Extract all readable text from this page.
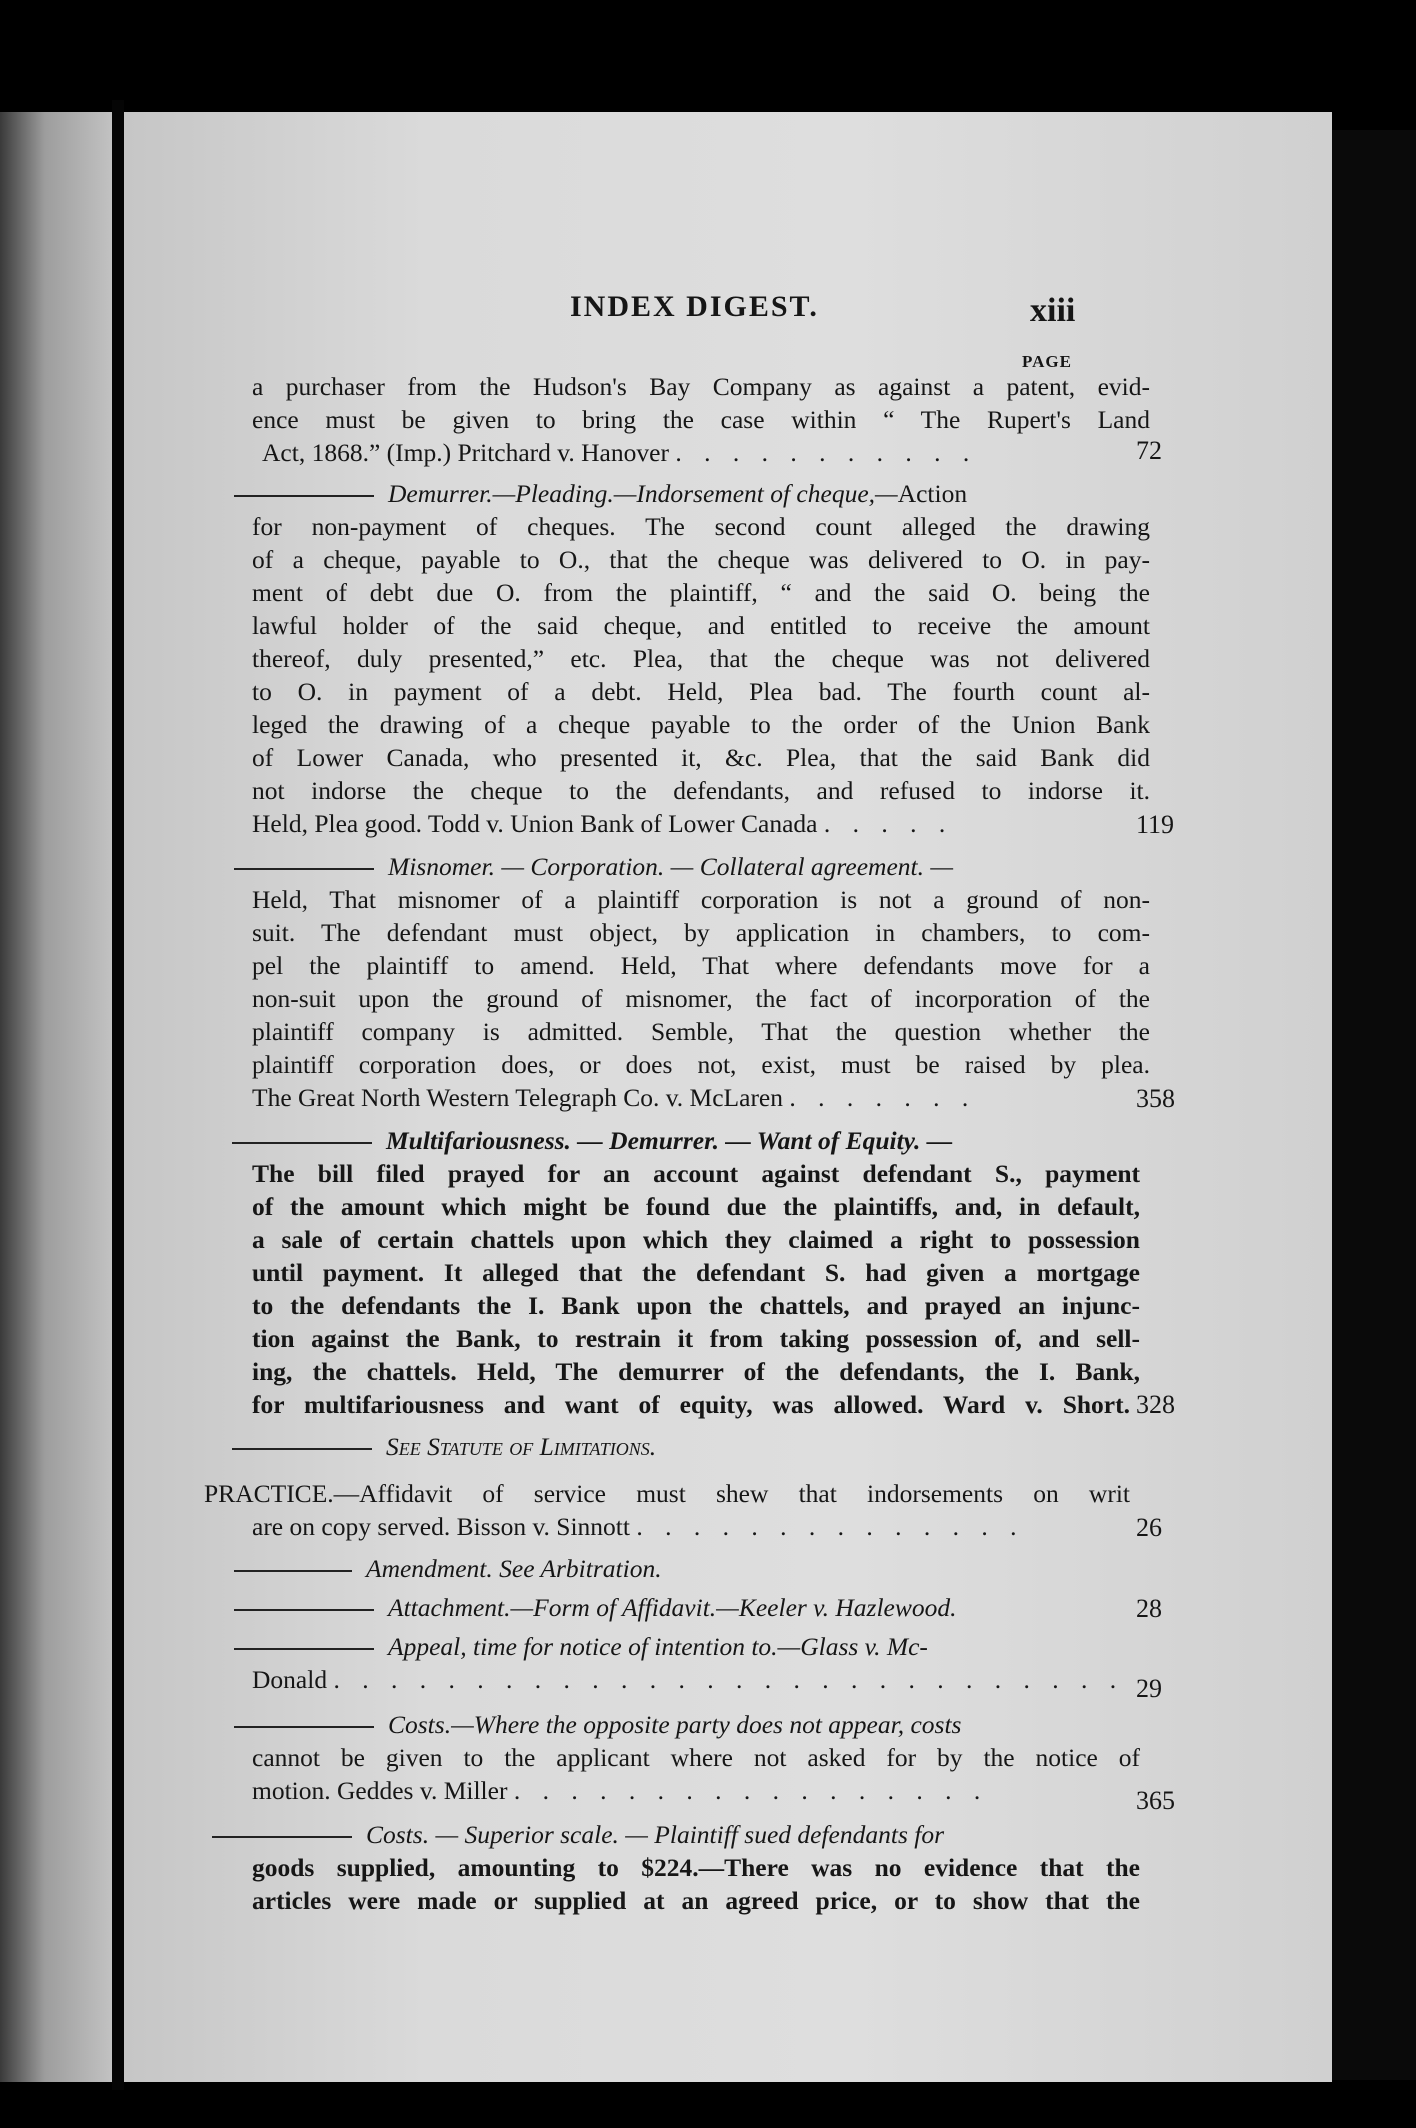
INDEX DIGEST.	xiii
PAGE
a purchaser from the Hudson's Bay Company as against a patent, evid-
ence must be given to bring the case within “ The Rupert's Land
Act, 1868.” (Imp.) Pritchard v. Hanover . . . . . . . . . . .	72
Demurrer.—Pleading.—Indorsement of cheque,—Action
for non-payment of cheques. The second count alleged the drawing
of a cheque, payable to O., that the cheque was delivered to O. in pay-
ment of debt due O. from the plaintiff, “ and the said O. being the
lawful holder of the said cheque, and entitled to receive the amount
thereof, duly presented,” etc. Plea, that the cheque was not delivered
to O. in payment of a debt. Held, Plea bad. The fourth count al-
leged the drawing of a cheque payable to the order of the Union Bank
of Lower Canada, who presented it, &c. Plea, that the said Bank did
not indorse the cheque to the defendants, and refused to indorse it.
Held, Plea good. Todd v. Union Bank of Lower Canada . . . . .	119
Misnomer. — Corporation. — Collateral agreement. —
Held, That misnomer of a plaintiff corporation is not a ground of non-
suit. The defendant must object, by application in chambers, to com-
pel the plaintiff to amend. Held, That where defendants move for a
non-suit upon the ground of misnomer, the fact of incorporation of the
plaintiff company is admitted. Semble, That the question whether the
plaintiff corporation does, or does not, exist, must be raised by plea.
The Great North Western Telegraph Co. v. McLaren . . . . . . .	358
Multifariousness. — Demurrer. — Want of Equity. —
The bill filed prayed for an account against defendant S., payment
of the amount which might be found due the plaintiffs, and, in default,
a sale of certain chattels upon which they claimed a right to possession
until payment. It alleged that the defendant S. had given a mortgage
to the defendants the I. Bank upon the chattels, and prayed an injunc-
tion against the Bank, to restrain it from taking possession of, and sell-
ing, the chattels. Held, The demurrer of the defendants, the I. Bank,
for multifariousness and want of equity, was allowed. Ward v. Short. 328
See Statute of Limitations.
PRACTICE.—Affidavit of service must shew that indorsements on writ
are on copy served. Bisson v. Sinnott . . . . . . . . . . . . . .	26
Amendment. See Arbitration.
Attachment.—Form of Affidavit.—Keeler v. Hazlewood.	28
Appeal, time for notice of intention to.—Glass v. Mc-
Donald . . . . . . . . . . . . . . . . . . . . . . . . . . . . 29
Costs.—Where the opposite party does not appear, costs
cannot be given to the applicant where not asked for by the notice of
motion. Geddes v. Miller . . . . . . . . . . . . . . . . .	365
Costs. — Superior scale. — Plaintiff sued defendants for
goods supplied, amounting to $224.—There was no evidence that the
articles were made or supplied at an agreed price, or to show that the
